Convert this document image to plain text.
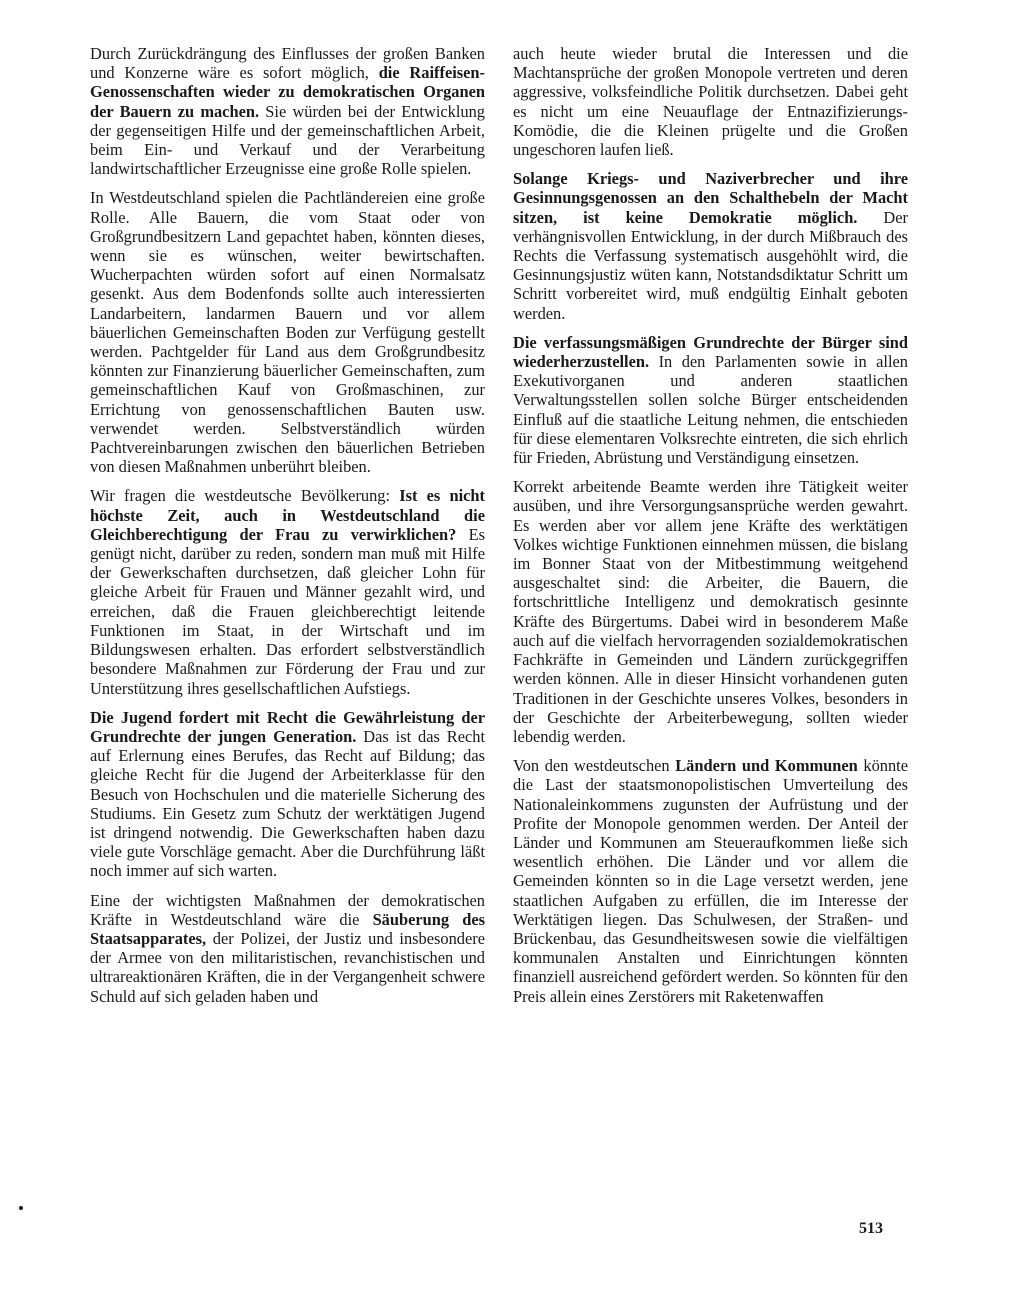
Durch Zurückdrängung des Einflusses der großen Banken und Konzerne wäre es sofort möglich, die Raiffeisen-Genossenschaften wieder zu demokratischen Organen der Bauern zu machen. Sie würden bei der Entwicklung der gegenseitigen Hilfe und der gemeinschaftlichen Arbeit, beim Ein- und Verkauf und der Verarbeitung landwirtschaftlicher Erzeugnisse eine große Rolle spielen.

In Westdeutschland spielen die Pachtländereien eine große Rolle. Alle Bauern, die vom Staat oder von Großgrundbesitzern Land gepachtet haben, könnten dieses, wenn sie es wünschen, weiter bewirtschaften. Wucherpachten würden sofort auf einen Normalsatz gesenkt. Aus dem Bodenfonds sollte auch interessierten Landarbeitern, landarmen Bauern und vor allem bäuerlichen Gemeinschaften Boden zur Verfügung gestellt werden. Pachtgelder für Land aus dem Großgrundbesitz könnten zur Finanzierung bäuerlicher Gemeinschaften, zum gemeinschaftlichen Kauf von Großmaschinen, zur Errichtung von genossenschaftlichen Bauten usw. verwendet werden. Selbstverständlich würden Pachtvereinbarungen zwischen den bäuerlichen Betrieben von diesen Maßnahmen unberührt bleiben.

Wir fragen die westdeutsche Bevölkerung: Ist es nicht höchste Zeit, auch in Westdeutschland die Gleichberechtigung der Frau zu verwirklichen? Es genügt nicht, darüber zu reden, sondern man muß mit Hilfe der Gewerkschaften durchsetzen, daß gleicher Lohn für gleiche Arbeit für Frauen und Männer gezahlt wird, und erreichen, daß die Frauen gleichberechtigt leitende Funktionen im Staat, in der Wirtschaft und im Bildungswesen erhalten. Das erfordert selbstverständlich besondere Maßnahmen zur Förderung der Frau und zur Unterstützung ihres gesellschaftlichen Aufstiegs.

Die Jugend fordert mit Recht die Gewährleistung der Grundrechte der jungen Generation. Das ist das Recht auf Erlernung eines Berufes, das Recht auf Bildung; das gleiche Recht für die Jugend der Arbeiterklasse für den Besuch von Hochschulen und die materielle Sicherung des Studiums. Ein Gesetz zum Schutz der werktätigen Jugend ist dringend notwendig. Die Gewerkschaften haben dazu viele gute Vorschläge gemacht. Aber die Durchführung läßt noch immer auf sich warten.

Eine der wichtigsten Maßnahmen der demokratischen Kräfte in Westdeutschland wäre die Säuberung des Staatsapparates, der Polizei, der Justiz und insbesondere der Armee von den militaristischen, revanchistischen und ultrareaktionären Kräften, die in der Vergangenheit schwere Schuld auf sich geladen haben und

auch heute wieder brutal die Interessen und die Machtansprüche der großen Monopole vertreten und deren aggressive, volksfeindliche Politik durchsetzen. Dabei geht es nicht um eine Neuauflage der Entnazifizierungs-Komödie, die die Kleinen prügelte und die Großen ungeschoren laufen ließ.

Solange Kriegs- und Naziverbrecher und ihre Gesinnungsgenossen an den Schalthebeln der Macht sitzen, ist keine Demokratie möglich. Der verhängnisvollen Entwicklung, in der durch Mißbrauch des Rechts die Verfassung systematisch ausgehöhlt wird, die Gesinnungsjustiz wüten kann, Notstandsdiktatur Schritt um Schritt vorbereitet wird, muß endgültig Einhalt geboten werden.

Die verfassungsmäßigen Grundrechte der Bürger sind wiederherzustellen. In den Parlamenten sowie in allen Exekutivorganen und anderen staatlichen Verwaltungsstellen sollen solche Bürger entscheidenden Einfluß auf die staatliche Leitung nehmen, die entschieden für diese elementaren Volksrechte eintreten, die sich ehrlich für Frieden, Abrüstung und Verständigung einsetzen.

Korrekt arbeitende Beamte werden ihre Tätigkeit weiter ausüben, und ihre Versorgungsansprüche werden gewahrt. Es werden aber vor allem jene Kräfte des werktätigen Volkes wichtige Funktionen einnehmen müssen, die bislang im Bonner Staat von der Mitbestimmung weitgehend ausgeschaltet sind: die Arbeiter, die Bauern, die fortschrittliche Intelligenz und demokratisch gesinnte Kräfte des Bürgertums. Dabei wird in besonderem Maße auch auf die vielfach hervorragenden sozialdemokratischen Fachkräfte in Gemeinden und Ländern zurückgegriffen werden können. Alle in dieser Hinsicht vorhandenen guten Traditionen in der Geschichte unseres Volkes, besonders in der Geschichte der Arbeiterbewegung, sollten wieder lebendig werden.

Von den westdeutschen Ländern und Kommunen könnte die Last der staatsmonopolistischen Umverteilung des Nationaleinkommens zugunsten der Aufrüstung und der Profite der Monopole genommen werden. Der Anteil der Länder und Kommunen am Steueraufkommen ließe sich wesentlich erhöhen. Die Länder und vor allem die Gemeinden könnten so in die Lage versetzt werden, jene staatlichen Aufgaben zu erfüllen, die im Interesse der Werktätigen liegen. Das Schulwesen, der Straßen- und Brückenbau, das Gesundheitswesen sowie die vielfältigen kommunalen Anstalten und Einrichtungen könnten finanziell ausreichend gefördert werden. So könnten für den Preis allein eines Zerstörers mit Raketenwaffen

513
